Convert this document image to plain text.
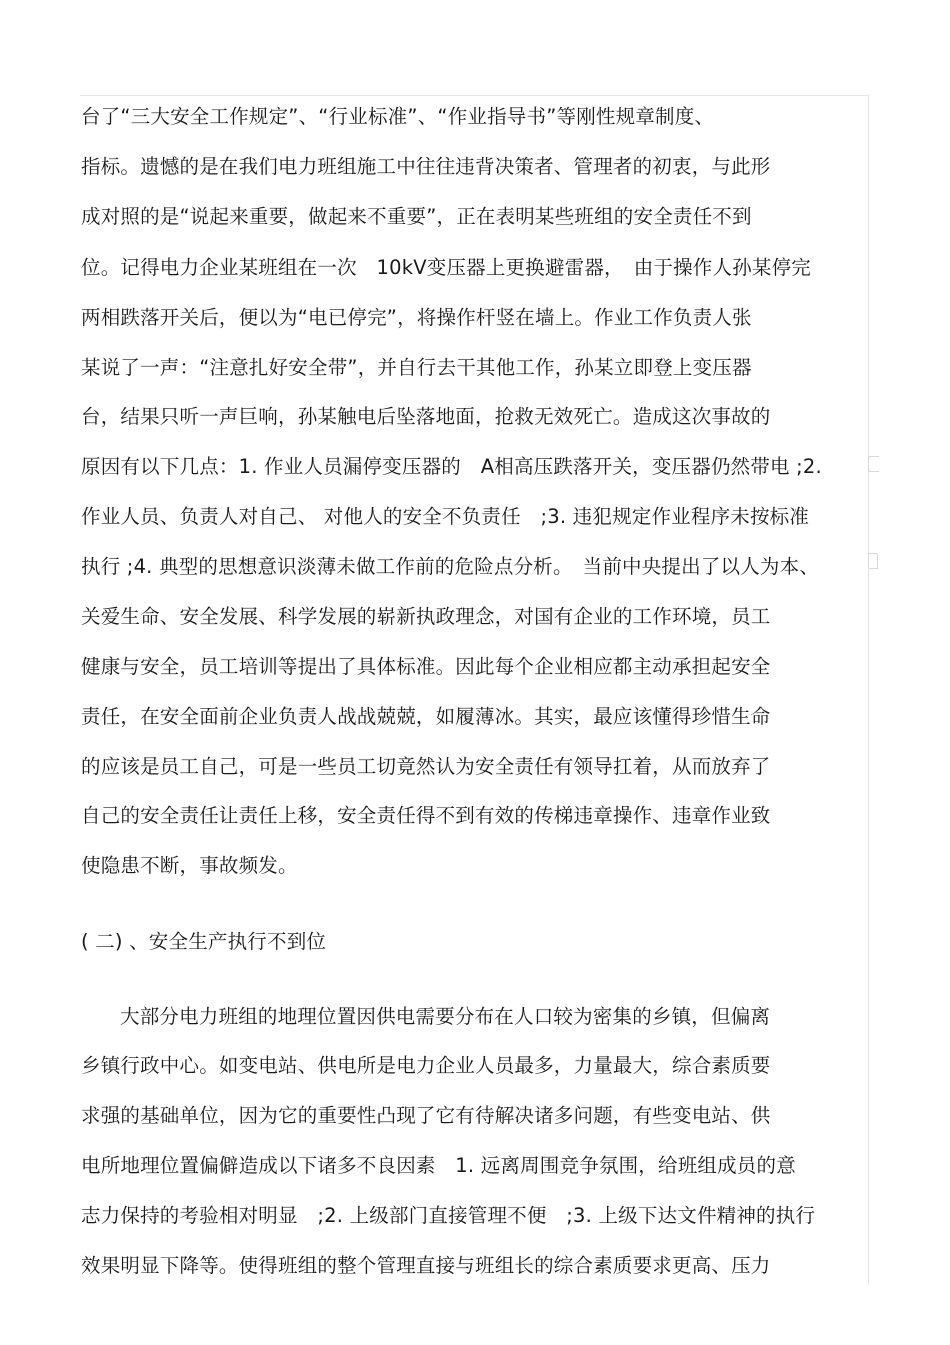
台了“三大安全工作规定”、“行业标准”、“作业指导书”等刚性规章制度、
指标。遗憾的是在我们电力班组施工中往往违背决策者、管理者的初衷，与此形
成对照的是“说起来重要，做起来不重要”，正在表明某些班组的安全责任不到
位。记得电力企业某班组在一次　10kV变压器上更换避雷器，　由于操作人孙某停完
两相跌落开关后，便以为“电已停完”，将操作杆竖在墙上。作业工作负责人张
某说了一声：“注意扎好安全带”，并自行去干其他工作，孙某立即登上变压器
台，结果只听一声巨响，孙某触电后坠落地面，抢救无效死亡。造成这次事故的
原因有以下几点：1. 作业人员漏停变压器的　A相高压跌落开关，变压器仍然带电 ;2.
作业人员、负责人对自己、 对他人的安全不负责任　;3. 违犯规定作业程序未按标准
执行 ;4. 典型的思想意识淡薄未做工作前的危险点分析。　当前中央提出了以人为本、
关爱生命、安全发展、科学发展的崭新执政理念，对国有企业的工作环境，员工
健康与安全，员工培训等提出了具体标准。因此每个企业相应都主动承担起安全
责任，在安全面前企业负责人战战兢兢，如履薄冰。其实，最应该懂得珍惜生命
的应该是员工自己，可是一些员工切竟然认为安全责任有领导扛着，从而放弃了
自己的安全责任让责任上移，安全责任得不到有效的传梯违章操作、违章作业致
使隐患不断，事故频发。
( 二) 、安全生产执行不到位
大部分电力班组的地理位置因供电需要分布在人口较为密集的乡镇，但偏离
乡镇行政中心。如变电站、供电所是电力企业人员最多，力量最大，综合素质要
求强的基础单位，因为它的重要性凸现了它有待解决诸多问题，有些变电站、供
电所地理位置偏僻造成以下诸多不良因素　1. 远离周围竞争氛围，给班组成员的意
志力保持的考验相对明显　;2. 上级部门直接管理不便　;3. 上级下达文件精神的执行
效果明显下降等。使得班组的整个管理直接与班组长的综合素质要求更高、压力
